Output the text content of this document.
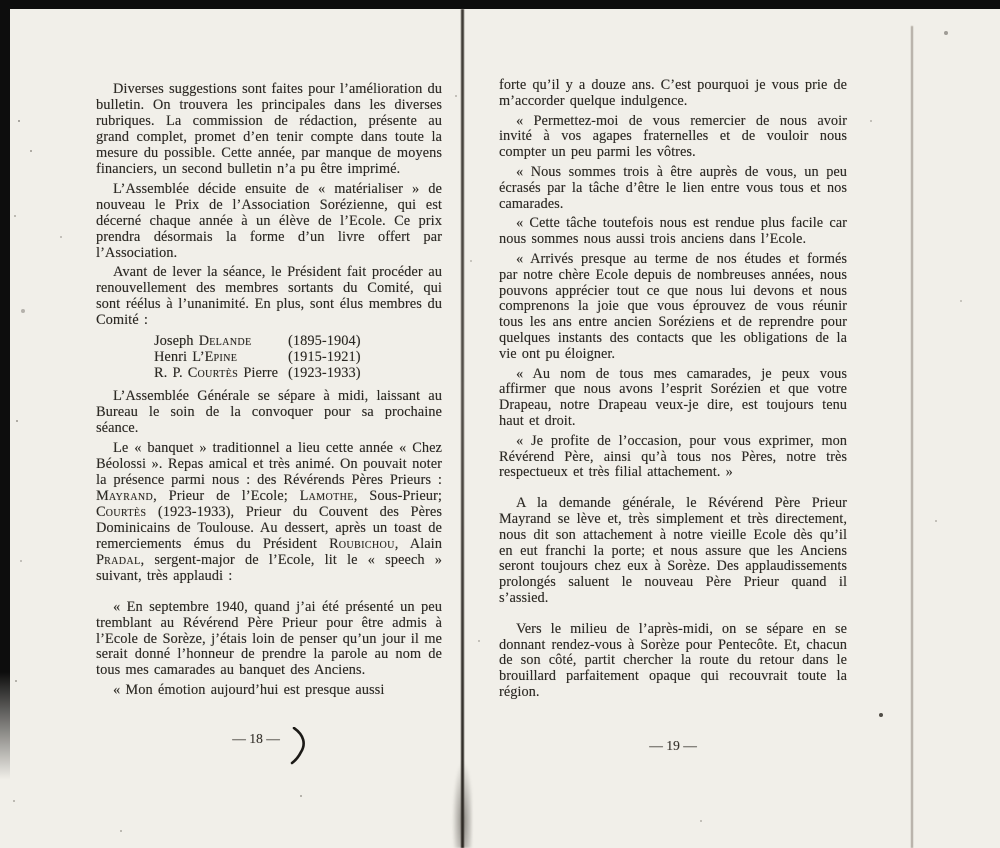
Diverses suggestions sont faites pour l’amélioration du bulletin. On trouvera les principales dans les diverses rubriques. La commission de rédaction, présente au grand complet, promet d’en tenir compte dans toute la mesure du possible. Cette année, par manque de moyens financiers, un second bulletin n’a pu être imprimé.

L’Assemblée décide ensuite de « matérialiser » de nouveau le Prix de l’Association Sorézienne, qui est décerné chaque année à un élève de l’Ecole. Ce prix prendra désormais la forme d’un livre offert par l’Association.

Avant de lever la séance, le Président fait procéder au renouvellement des membres sortants du Comité, qui sont réélus à l’unanimité. En plus, sont élus membres du Comité :

Joseph Delande	(1895-1904)
Henri L’Epine	(1915-1921)
R. P. Courtès Pierre (1923-1933)

L’Assemblée Générale se sépare à midi, laissant au Bureau le soin de la convoquer pour sa prochaine séance.

Le « banquet » traditionnel a lieu cette année « Chez Béolossi ». Repas amical et très animé. On pouvait noter la présence parmi nous : des Révérends Pères Prieurs : Mayrand, Prieur de l’Ecole; Lamothe, Sous-Prieur; Courtès (1923-1933), Prieur du Couvent des Pères Dominicains de Toulouse. Au dessert, après un toast de remerciements émus du Président Roubichou, Alain Pradal, sergent-major de l’Ecole, lit le « speech » suivant, très applaudi :

« En septembre 1940, quand j’ai été présenté un peu tremblant au Révérend Père Prieur pour être admis à l’Ecole de Sorèze, j’étais loin de penser qu’un jour il me serait donné l’honneur de prendre la parole au nom de tous mes camarades au banquet des Anciens.

« Mon émotion aujourd’hui est presque aussi

— 18 —

forte qu’il y a douze ans. C’est pourquoi je vous prie de m’accorder quelque indulgence.

« Permettez-moi de vous remercier de nous avoir invité à vos agapes fraternelles et de vouloir nous compter un peu parmi les vôtres.

« Nous sommes trois à être auprès de vous, un peu écrasés par la tâche d’être le lien entre vous tous et nos camarades.

« Cette tâche toutefois nous est rendue plus facile car nous sommes nous aussi trois anciens dans l’Ecole.

« Arrivés presque au terme de nos études et formés par notre chère Ecole depuis de nombreuses années, nous pouvons apprécier tout ce que nous lui devons et nous comprenons la joie que vous éprouvez de vous réunir tous les ans entre ancien Soréziens et de reprendre pour quelques instants des contacts que les obligations de la vie ont pu éloigner.

« Au nom de tous mes camarades, je peux vous affirmer que nous avons l’esprit Sorézien et que votre Drapeau, notre Drapeau veux-je dire, est toujours tenu haut et droit.

« Je profite de l’occasion, pour vous exprimer, mon Révérend Père, ainsi qu’à tous nos Pères, notre très respectueux et très filial attachement. »

A la demande générale, le Révérend Père Prieur Mayrand se lève et, très simplement et très directement, nous dit son attachement à notre vieille Ecole dès qu’il en eut franchi la porte; et nous assure que les Anciens seront toujours chez eux à Sorèze. Des applaudissements prolongés saluent le nouveau Père Prieur quand il s’assied.

Vers le milieu de l’après-midi, on se sépare en se donnant rendez-vous à Sorèze pour Pentecôte. Et, chacun de son côté, partit chercher la route du retour dans le brouillard parfaitement opaque qui recouvrait toute la région.

— 19 —
